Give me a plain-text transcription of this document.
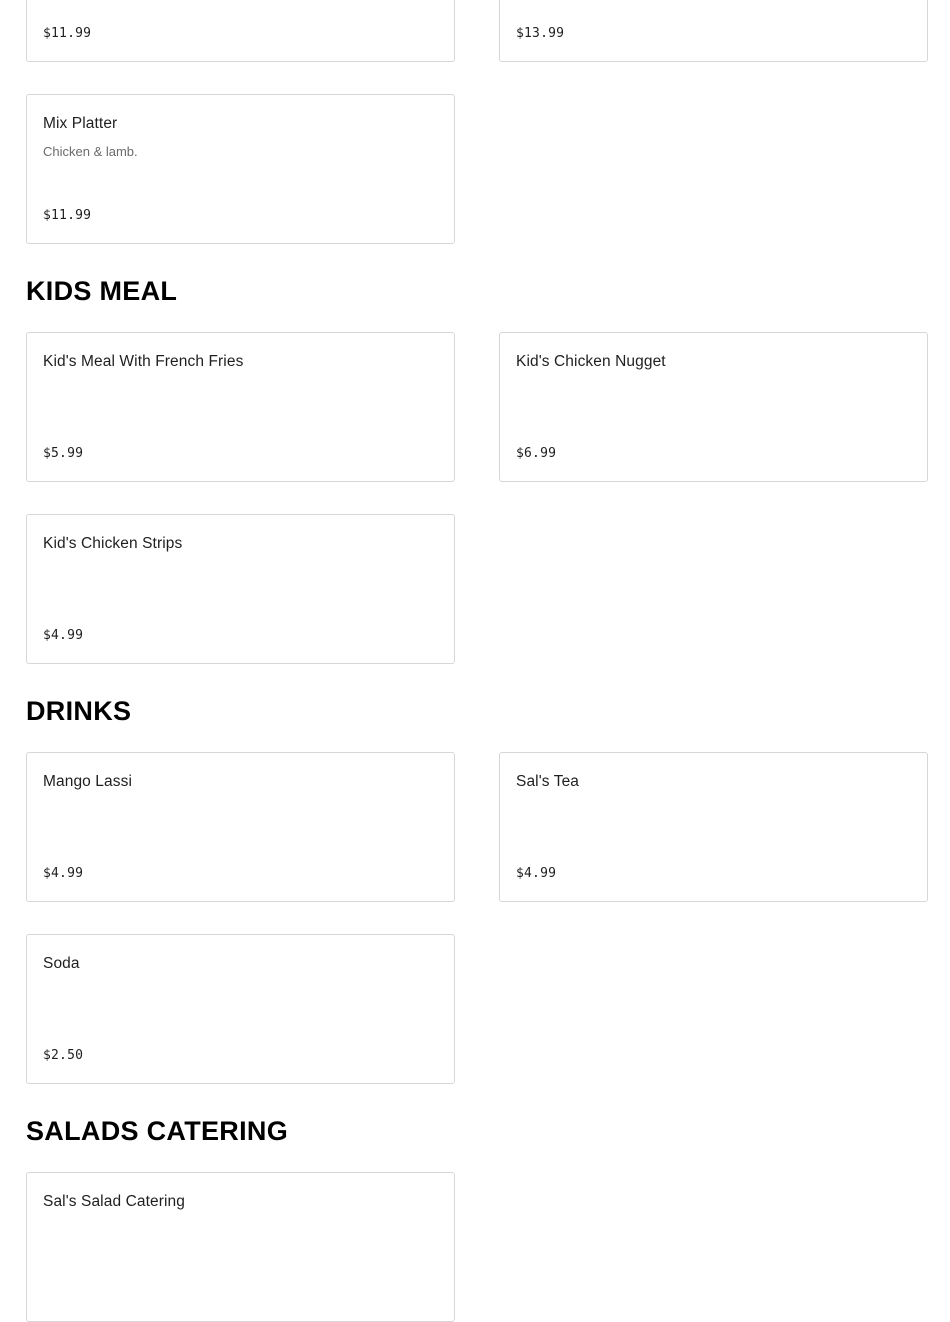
$11.99	$13.99
Mix Platter
Chicken & lamb.
$11.99
KIDS MEAL
Kid's Meal With French Fries
$5.99
Kid's Chicken Nugget
$6.99
Kid's Chicken Strips
$4.99
DRINKS
Mango Lassi
$4.99
Sal's Tea
$4.99
Soda
$2.50
SALADS CATERING
Sal's Salad Catering
